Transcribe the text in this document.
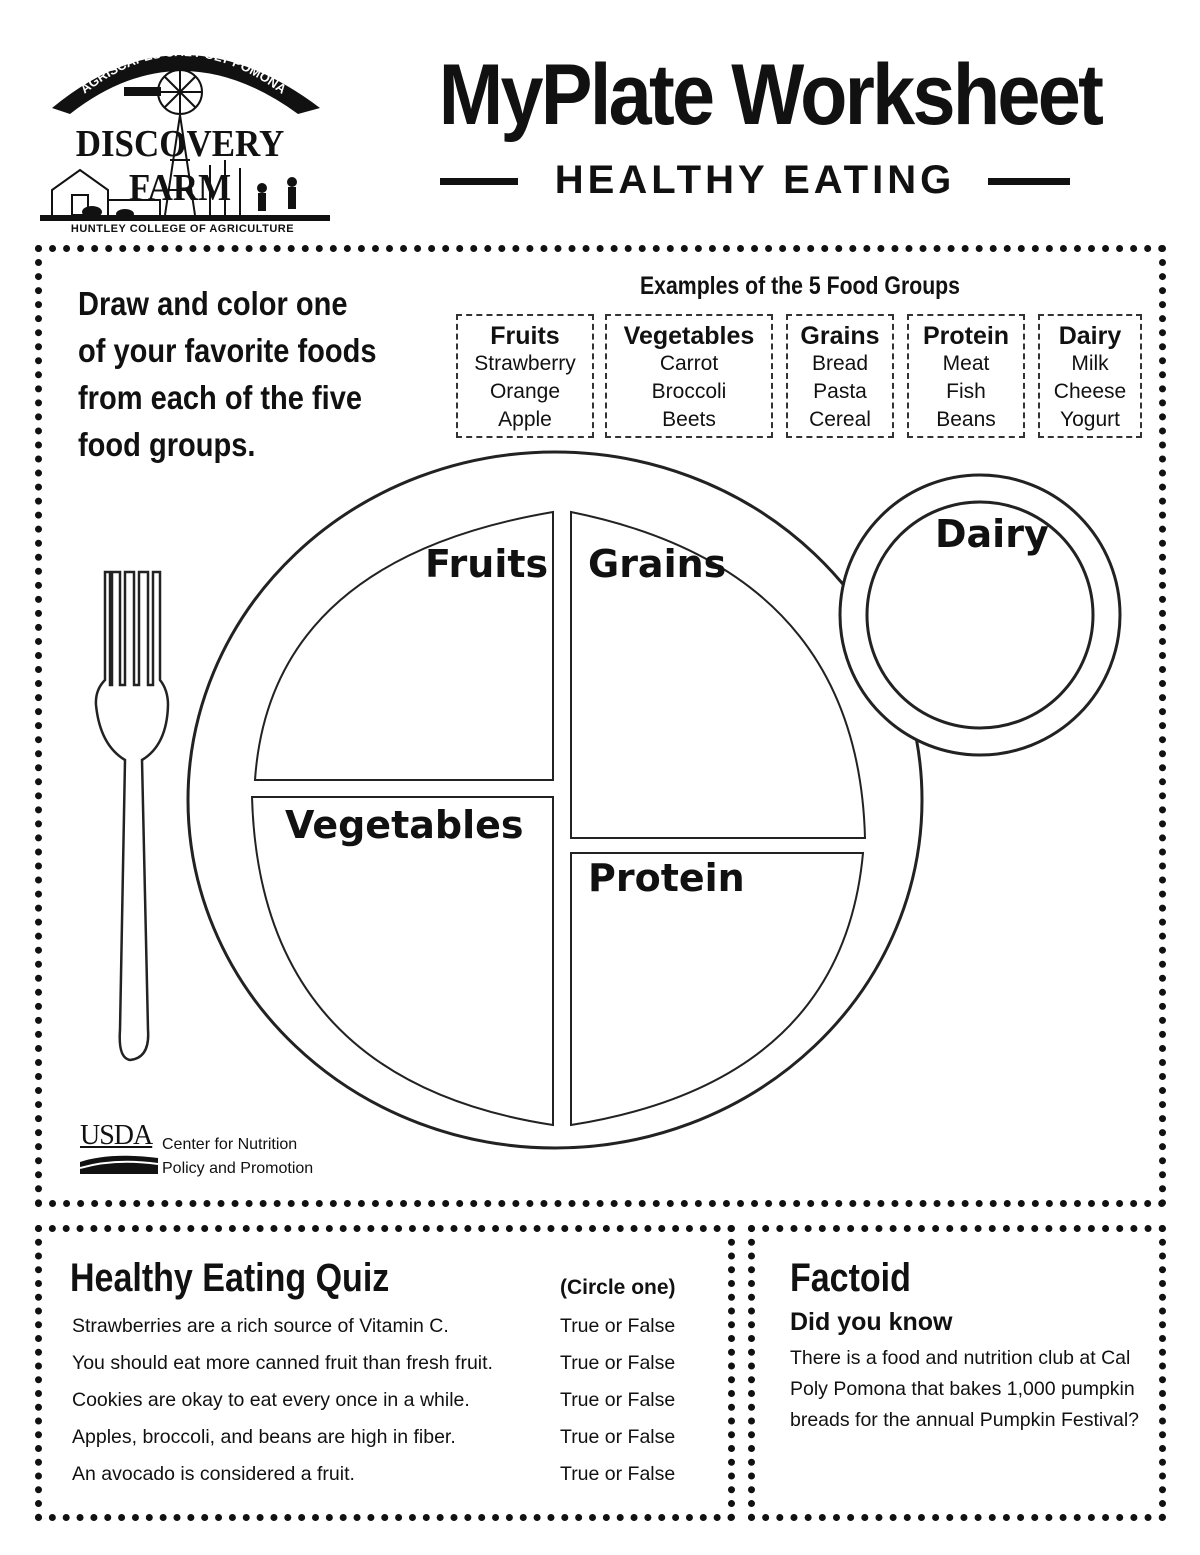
AGRISCAPES CAL POLY POMONA
DISCOVERY FARM
HUNTLEY COLLEGE OF AGRICULTURE
MyPlate Worksheet
HEALTHY EATING
Draw and color one of your favorite foods from each of the five food groups.
Examples of the 5 Food Groups
Fruits
Strawberry
Orange
Apple
Vegetables
Carrot
Broccoli
Beets
Grains
Bread
Pasta
Cereal
Protein
Meat
Fish
Beans
Dairy
Milk
Cheese
Yogurt
Fruits Grains
Vegetables
Protein
Dairy
USDA Center for Nutrition
Policy and Promotion
Healthy Eating Quiz	(Circle one)
Strawberries are a rich source of Vitamin C.	True or False
You should eat more canned fruit than fresh fruit.	True or False
Cookies are okay to eat every once in a while.	True or False
Apples, broccoli, and beans are high in fiber.	True or False
An avocado is considered a fruit.	True or False
Factoid
Did you know
There is a food and nutrition club at Cal Poly Pomona that bakes 1,000 pumpkin breads for the annual Pumpkin Festival?
